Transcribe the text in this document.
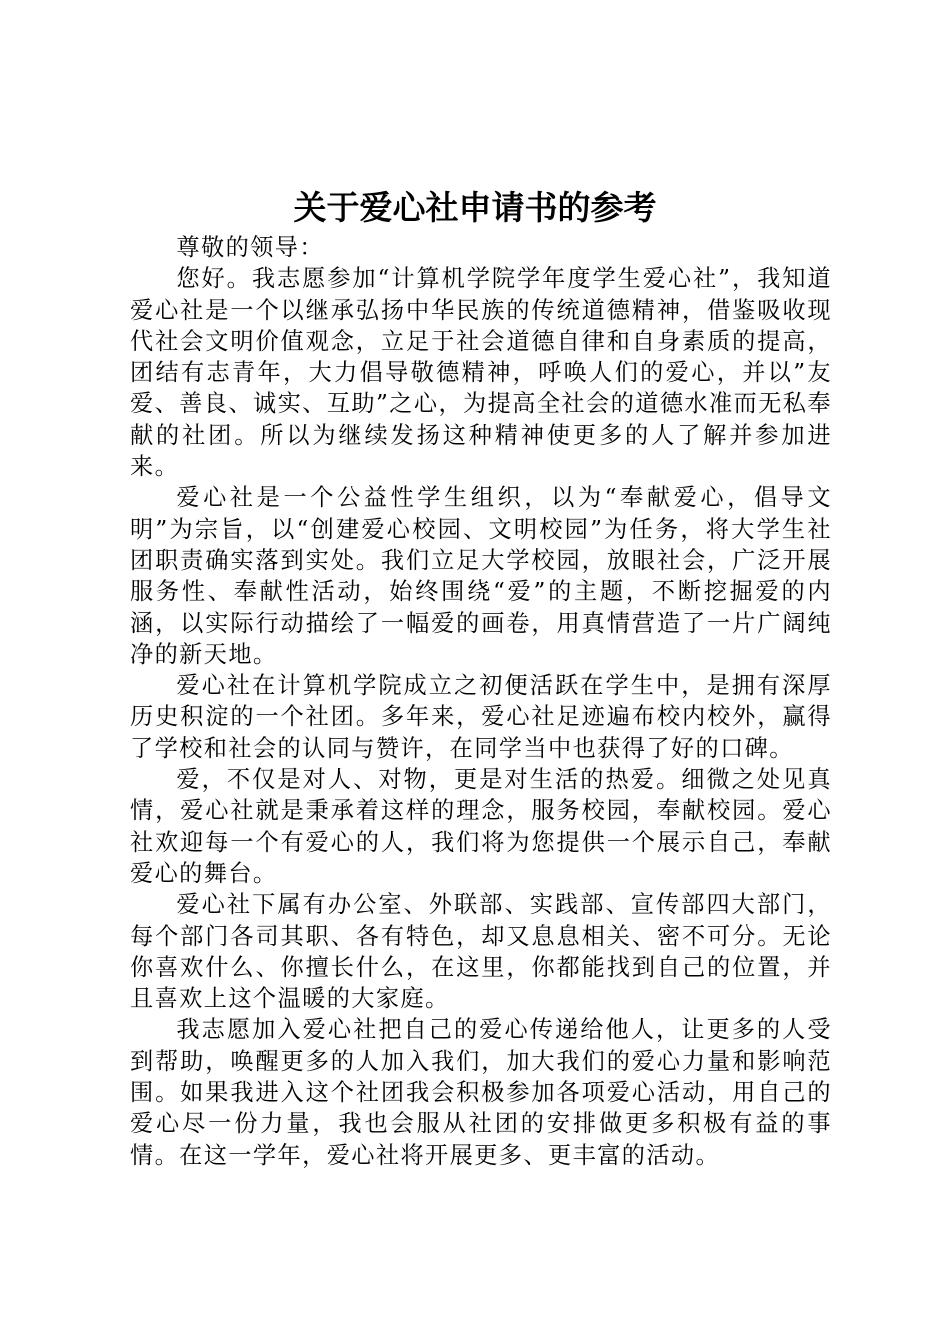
关于爱心社申请书的参考

尊敬的领导：

您好。我志愿参加“计算机学院学年度学生爱心社”，我知道爱心社是一个以继承弘扬中华民族的传统道德精神，借鉴吸收现代社会文明价值观念，立足于社会道德自律和自身素质的提高，团结有志青年，大力倡导敬德精神，呼唤人们的爱心，并以”友爱、善良、诚实、互助”之心，为提高全社会的道德水准而无私奉献的社团。所以为继续发扬这种精神使更多的人了解并参加进来。

爱心社是一个公益性学生组织，以为“奉献爱心，倡导文明”为宗旨，以“创建爱心校园、文明校园”为任务，将大学生社团职责确实落到实处。我们立足大学校园，放眼社会，广泛开展服务性、奉献性活动，始终围绕“爱”的主题，不断挖掘爱的内涵，以实际行动描绘了一幅爱的画卷，用真情营造了一片广阔纯净的新天地。

爱心社在计算机学院成立之初便活跃在学生中，是拥有深厚历史积淀的一个社团。多年来，爱心社足迹遍布校内校外，赢得了学校和社会的认同与赞许，在同学当中也获得了好的口碑。

爱，不仅是对人、对物，更是对生活的热爱。细微之处见真情，爱心社就是秉承着这样的理念，服务校园，奉献校园。爱心社欢迎每一个有爱心的人，我们将为您提供一个展示自己，奉献爱心的舞台。

爱心社下属有办公室、外联部、实践部、宣传部四大部门，每个部门各司其职、各有特色，却又息息相关、密不可分。无论你喜欢什么、你擅长什么，在这里，你都能找到自己的位置，并且喜欢上这个温暖的大家庭。

我志愿加入爱心社把自己的爱心传递给他人，让更多的人受到帮助，唤醒更多的人加入我们，加大我们的爱心力量和影响范围。如果我进入这个社团我会积极参加各项爱心活动，用自己的爱心尽一份力量，我也会服从社团的安排做更多积极有益的事情。在这一学年，爱心社将开展更多、更丰富的活动。
